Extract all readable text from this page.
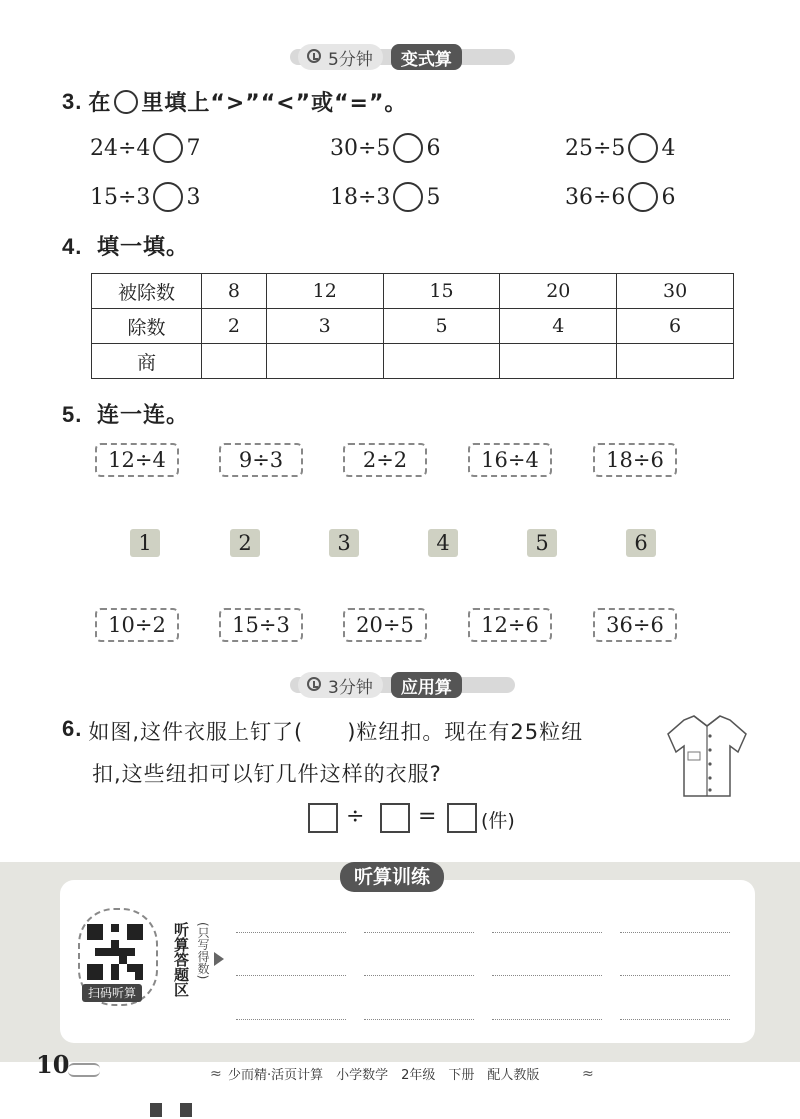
5分钟	变式算
3. 在 里填上“>”“<”或“=”。
24÷4 7	30÷5 6	25÷5 4
15÷3 3	18÷3 5	36÷6 6
4. 填一填。
被除数	8	12	15	20	30
除数	2	3	5	4	6
商					
5. 连一连。
12÷4	9÷3	2÷2	16÷4	18÷6
1	2	3	4	5	6
10÷2	15÷3	20÷5	12÷6	36÷6
3分钟	应用算
6. 如图,这件衣服上钉了(　　)粒纽扣。现在有25粒纽
扣,这些纽扣可以钉几件这样的衣服?
÷ = (件)
听算训练
扫码听算	听算答题区 (只写得数)
10	≈ 少而精·活页计算　小学数学　2年级　下册　配人教版	≈
